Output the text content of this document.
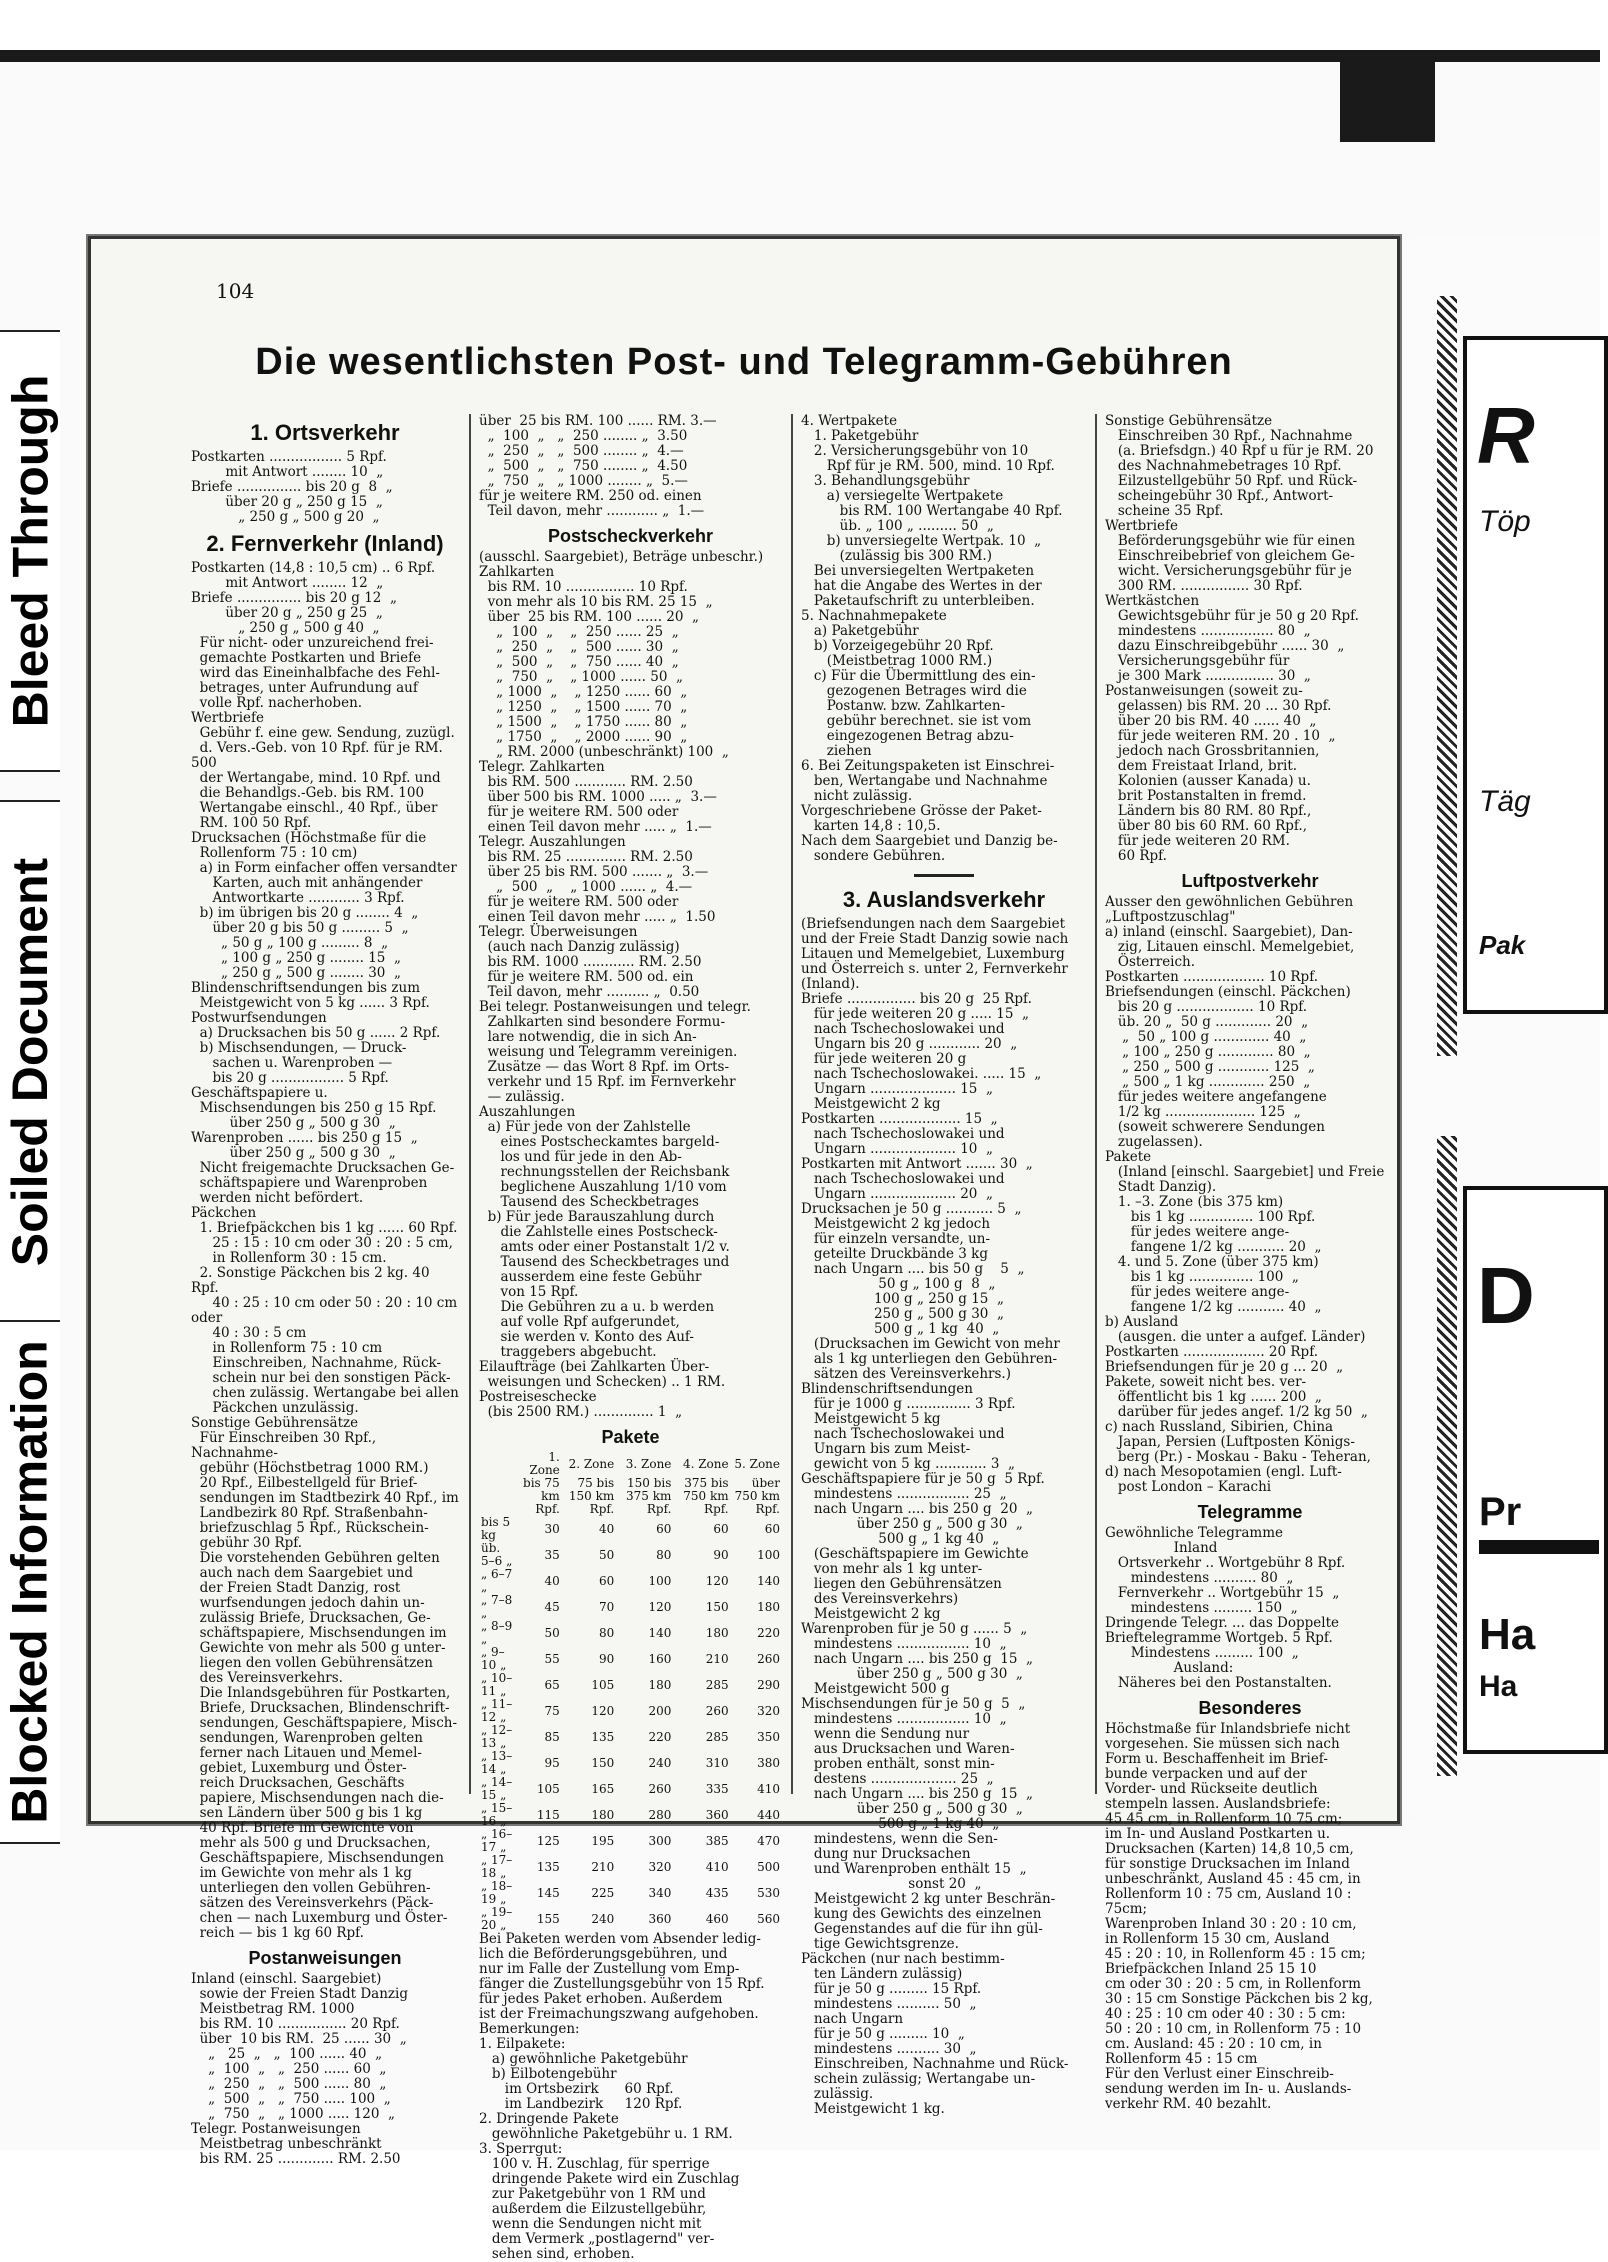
Bleed Through
Soiled Document
Blocked Information
104
Die wesentlichsten Post- und Telegramm-Gebühren
1. Ortsverkehr

Postkarten ................. 5 Rpf.
mit Antwort ........ 10  „
Briefe ............... bis 20 g  8  „
über 20 g „ 250 g 15  „
„ 250 g „ 500 g 20  „

2. Fernverkehr (Inland)

Postkarten (14,8 : 10,5 cm) .. 6 Rpf.
mit Antwort ........ 12  „
Briefe ............... bis 20 g 12  „
über 20 g „ 250 g 25  „
„ 250 g „ 500 g 40  „
Für nicht- oder unzureichend frei-
gemachte Postkarten und Briefe
wird das Eineinhalbfache des Fehl-
betrages, unter Aufrundung auf
volle Rpf. nacherhoben.
Wertbriefe
Gebühr f. eine gew. Sendung, zuzügl.
d. Vers.-Geb. von 10 Rpf. für je RM. 500
der Wertangabe, mind. 10 Rpf. und
die Behandlgs.-Geb. bis RM. 100
Wertangabe einschl., 40 Rpf., über
RM. 100 50 Rpf.
Drucksachen (Höchstmaße für die
Rollenform 75 : 10 cm)
a) in Form einfacher offen versandter
Karten, auch mit anhängender
Antwortkarte ............ 3 Rpf.
b) im übrigen bis 20 g ........ 4  „
über 20 g bis 50 g ......... 5  „
„ 50 g „ 100 g ......... 8  „
„ 100 g „ 250 g ........ 15  „
„ 250 g „ 500 g ........ 30  „
Blindenschriftsendungen bis zum
Meistgewicht von 5 kg ...... 3 Rpf.
Postwurfsendungen
a) Drucksachen bis 50 g ...... 2 Rpf.
b) Mischsendungen, — Druck-
sachen u. Warenproben —
bis 20 g ................. 5 Rpf.
Geschäftspapiere u.
Mischsendungen bis 250 g 15 Rpf.
über 250 g „ 500 g 30  „
Warenproben ...... bis 250 g 15  „
über 250 g „ 500 g 30  „
Nicht freigemachte Drucksachen Ge-
schäftspapiere und Warenproben
werden nicht befördert.
Päckchen
1. Briefpäckchen bis 1 kg ...... 60 Rpf.
25 : 15 : 10 cm oder 30 : 20 : 5 cm,
in Rollenform 30 : 15 cm.
2. Sonstige Päckchen bis 2 kg. 40 Rpf.
40 : 25 : 10 cm oder 50 : 20 : 10 cm oder
40 : 30 : 5 cm
in Rollenform 75 : 10 cm
Einschreiben, Nachnahme, Rück-
schein nur bei den sonstigen Päck-
chen zulässig. Wertangabe bei allen
Päckchen unzulässig.
Sonstige Gebührensätze
Für Einschreiben 30 Rpf., Nachnahme-
gebühr (Höchstbetrag 1000 RM.)
20 Rpf., Eilbestellgeld für Brief-
sendungen im Stadtbezirk 40 Rpf., im
Landbezirk 80 Rpf. Straßenbahn-
briefzuschlag 5 Rpf., Rückschein-
gebühr 30 Rpf.
Die vorstehenden Gebühren gelten
auch nach dem Saargebiet und
der Freien Stadt Danzig, rost
wurfsendungen jedoch dahin un-
zulässig Briefe, Drucksachen, Ge-
schäftspapiere, Mischsendungen im
Gewichte von mehr als 500 g unter-
liegen den vollen Gebührensätzen
des Vereinsverkehrs.
Die Inlandsgebühren für Postkarten,
Briefe, Drucksachen, Blindenschrift-
sendungen, Geschäftspapiere, Misch-
sendungen, Warenproben gelten
ferner nach Litauen und Memel-
gebiet, Luxemburg und Öster-
reich Drucksachen, Geschäfts
papiere, Mischsendungen nach die-
sen Ländern über 500 g bis 1 kg
40 Rpf. Briefe im Gewichte von
mehr als 500 g und Drucksachen,
Geschäftspapiere, Mischsendungen
im Gewichte von mehr als 1 kg
unterliegen den vollen Gebühren-
sätzen des Vereinsverkehrs (Päck-
chen — nach Luxemburg und Öster-
reich — bis 1 kg 60 Rpf.

Postanweisungen

Inland (einschl. Saargebiet)
sowie der Freien Stadt Danzig
Meistbetrag RM. 1000
bis RM. 10 ................ 20 Rpf.
über  10 bis RM.  25 ...... 30  „
„   25  „   „  100 ...... 40  „
„  100  „   „  250 ...... 60  „
„  250  „   „  500 ...... 80  „
„  500  „   „  750 ..... 100  „
„  750  „   „ 1000 ..... 120  „
Telegr. Postanweisungen
Meistbetrag unbeschränkt
bis RM. 25 ............. RM. 2.50

über  25 bis RM. 100 ...... RM. 3.—
„  100  „   „  250 ........ „  3.50
„  250  „   „  500 ........ „  4.—
„  500  „   „  750 ........ „  4.50
„  750  „   „ 1000 ........ „  5.—
für je weitere RM. 250 od. einen
Teil davon, mehr ............ „  1.—

Postscheckverkehr

(ausschl. Saargebiet), Beträge unbeschr.)
Zahlkarten
bis RM. 10 ................ 10 Rpf.
von mehr als 10 bis RM. 25 15  „
über  25 bis RM. 100 ...... 20  „
„  100  „    „  250 ...... 25  „
„  250  „    „  500 ...... 30  „
„  500  „    „  750 ...... 40  „
„  750  „    „ 1000 ...... 50  „
„ 1000  „    „ 1250 ...... 60  „
„ 1250  „    „ 1500 ...... 70  „
„ 1500  „    „ 1750 ...... 80  „
„ 1750  „    „ 2000 ...... 90  „
„ RM. 2000 (unbeschränkt) 100  „
Telegr. Zahlkarten
bis RM. 500 ............ RM. 2.50
über 500 bis RM. 1000 ..... „  3.—
für je weitere RM. 500 oder
einen Teil davon mehr ..... „  1.—
Telegr. Auszahlungen
bis RM. 25 .............. RM. 2.50
über 25 bis RM. 500 ....... „  3.—
„  500  „    „ 1000 ...... „  4.—
für je weitere RM. 500 oder
einen Teil davon mehr ..... „  1.50
Telegr. Überweisungen
(auch nach Danzig zulässig)
bis RM. 1000 ............ RM. 2.50
für je weitere RM. 500 od. ein
Teil davon, mehr .......... „  0.50
Bei telegr. Postanweisungen und telegr.
Zahlkarten sind besondere Formu-
lare notwendig, die in sich An-
weisung und Telegramm vereinigen.
Zusätze — das Wort 8 Rpf. im Orts-
verkehr und 15 Rpf. im Fernverkehr
— zulässig.
Auszahlungen
a) Für jede von der Zahlstelle
eines Postscheckamtes bargeld-
los und für jede in den Ab-
rechnungsstellen der Reichsbank
beglichene Auszahlung 1/10 vom
Tausend des Scheckbetrages
b) Für jede Barauszahlung durch
die Zahlstelle eines Postscheck-
amts oder einer Postanstalt 1/2 v.
Tausend des Scheckbetrages und
ausserdem eine feste Gebühr
von 15 Rpf.
Die Gebühren zu a u. b werden
auf volle Rpf aufgerundet,
sie werden v. Konto des Auf-
traggebers abgebucht.
Eilaufträge (bei Zahlkarten Über-
weisungen und Schecken) .. 1 RM.
Postreiseschecke
(bis 2500 RM.) .............. 1  „

Pakete
	1. Zone	2. Zone	3. Zone	4. Zone	5. Zone
	bis 75 km	75 bis 150 km	150 bis 375 km	375 bis 750 km	über 750 km
	Rpf.	Rpf.	Rpf.	Rpf.	Rpf.
bis 5 kg	30	40	60	60	60
üb. 5–6 „	35	50	80	90	100
„ 6–7 „	40	60	100	120	140
„ 7–8 „	45	70	120	150	180
„ 8–9 „	50	80	140	180	220
„ 9–10 „	55	90	160	210	260
„ 10–11 „	65	105	180	285	290
„ 11–12 „	75	120	200	260	320
„ 12–13 „	85	135	220	285	350
„ 13–14 „	95	150	240	310	380
„ 14–15 „	105	165	260	335	410
„ 15–16 „	115	180	280	360	440
„ 16–17 „	125	195	300	385	470
„ 17–18 „	135	210	320	410	500
„ 18–19 „	145	225	340	435	530
„ 19–20 „	155	240	360	460	560

Bei Paketen werden vom Absender ledig-
lich die Beförderungsgebühren, und
nur im Falle der Zustellung vom Emp-
fänger die Zustellungsgebühr von 15 Rpf.
für jedes Paket erhoben. Außerdem
ist der Freimachungszwang aufgehoben.
Bemerkungen:
1. Eilpakete:
a) gewöhnliche Paketgebühr
b) Eilbotengebühr
im Ortsbezirk      60 Rpf.
im Landbezirk     120 Rpf.
2. Dringende Pakete
gewöhnliche Paketgebühr u. 1 RM.
3. Sperrgut:
100 v. H. Zuschlag, für sperrige
dringende Pakete wird ein Zuschlag
zur Paketgebühr von 1 RM und
außerdem die Eilzustellgebühr,
wenn die Sendungen nicht mit
dem Vermerk „postlagernd" ver-
sehen sind, erhoben.

4. Wertpakete
1. Paketgebühr
2. Versicherungsgebühr von 10
Rpf für je RM. 500, mind. 10 Rpf.
3. Behandlungsgebühr
a) versiegelte Wertpakete
bis RM. 100 Wertangabe 40 Rpf.
üb. „ 100 „ ......... 50  „
b) unversiegelte Wertpak. 10  „
(zulässig bis 300 RM.)
Bei unversiegelten Wertpaketen
hat die Angabe des Wertes in der
Paketaufschrift zu unterbleiben.
5. Nachnahmepakete
a) Paketgebühr
b) Vorzeigegebühr 20 Rpf.
(Meistbetrag 1000 RM.)
c) Für die Übermittlung des ein-
gezogenen Betrages wird die
Postanw. bzw. Zahlkarten-
gebühr berechnet. sie ist vom
eingezogenen Betrag abzu-
ziehen
6. Bei Zeitungspaketen ist Einschrei-
ben, Wertangabe und Nachnahme
nicht zulässig.
Vorgeschriebene Grösse der Paket-
karten 14,8 : 10,5.
Nach dem Saargebiet und Danzig be-
sondere Gebühren.

3. Auslandsverkehr

(Briefsendungen nach dem Saargebiet
und der Freie Stadt Danzig sowie nach
Litauen und Memelgebiet, Luxemburg
und Österreich s. unter 2, Fernverkehr
(Inland).
Briefe ................ bis 20 g  25 Rpf.
für jede weiteren 20 g ..... 15  „
nach Tschechoslowakei und
Ungarn bis 20 g ............ 20  „
für jede weiteren 20 g
nach Tschechoslowakei. ..... 15  „
Ungarn .................... 15  „
Meistgewicht 2 kg
Postkarten ................... 15  „
nach Tschechoslowakei und
Ungarn .................... 10  „
Postkarten mit Antwort ....... 30  „
nach Tschechoslowakei und
Ungarn .................... 20  „
Drucksachen je 50 g ........... 5  „
Meistgewicht 2 kg jedoch
für einzeln versandte, un-
geteilte Druckbände 3 kg
nach Ungarn .... bis 50 g    5  „
50 g „ 100 g  8  „
100 g „ 250 g 15  „
250 g „ 500 g 30  „
500 g „ 1 kg  40  „
(Drucksachen im Gewicht von mehr
als 1 kg unterliegen den Gebühren-
sätzen des Vereinsverkehrs.)
Blindenschriftsendungen
für je 1000 g ............... 3 Rpf.
Meistgewicht 5 kg
nach Tschechoslowakei und
Ungarn bis zum Meist-
gewicht von 5 kg ............ 3  „
Geschäftspapiere für je 50 g  5 Rpf.
mindestens ................. 25  „
nach Ungarn .... bis 250 g  20  „
über 250 g „ 500 g 30  „
500 g „ 1 kg 40  „
(Geschäftspapiere im Gewichte
von mehr als 1 kg unter-
liegen den Gebührensätzen
des Vereinsverkehrs)
Meistgewicht 2 kg
Warenproben für je 50 g ...... 5  „
mindestens ................. 10  „
nach Ungarn .... bis 250 g  15  „
über 250 g „ 500 g 30  „
Meistgewicht 500 g
Mischsendungen für je 50 g  5  „
mindestens ................. 10  „
wenn die Sendung nur
aus Drucksachen und Waren-
proben enthält, sonst min-
destens .................... 25  „
nach Ungarn .... bis 250 g  15  „
über 250 g „ 500 g 30  „
500 g „ 1 kg 40  „
mindestens, wenn die Sen-
dung nur Drucksachen
und Warenproben enthält 15  „
sonst 20  „
Meistgewicht 2 kg unter Beschrän-
kung des Gewichts des einzelnen
Gegenstandes auf die für ihn gül-
tige Gewichtsgrenze.
Päckchen (nur nach bestimm-
ten Ländern zulässig)
für je 50 g ......... 15 Rpf.
mindestens .......... 50  „
nach Ungarn
für je 50 g ......... 10  „
mindestens .......... 30  „
Einschreiben, Nachnahme und Rück-
schein zulässig; Wertangabe un-
zulässig.
Meistgewicht 1 kg.

Sonstige Gebührensätze
Einschreiben 30 Rpf., Nachnahme
(a. Briefsdgn.) 40 Rpf u für je RM. 20
des Nachnahmebetrages 10 Rpf.
Eilzustellgebühr 50 Rpf. und Rück-
scheingebühr 30 Rpf., Antwort-
scheine 35 Rpf.
Wertbriefe
Beförderungsgebühr wie für einen
Einschreibebrief von gleichem Ge-
wicht. Versicherungsgebühr für je
300 RM. ................ 30 Rpf.
Wertkästchen
Gewichtsgebühr für je 50 g 20 Rpf.
mindestens ................. 80  „
dazu Einschreibgebühr ...... 30  „
Versicherungsgebühr für
je 300 Mark ................ 30  „
Postanweisungen (soweit zu-
gelassen) bis RM. 20 ... 30 Rpf.
über 20 bis RM. 40 ...... 40  „
für jede weiteren RM. 20 . 10  „
jedoch nach Grossbritannien,
dem Freistaat Irland, brit.
Kolonien (ausser Kanada) u.
brit Postanstalten in fremd.
Ländern bis 80 RM. 80 Rpf.,
über 80 bis 60 RM. 60 Rpf.,
für jede weiteren 20 RM.
60 Rpf.

Luftpostverkehr

Ausser den gewöhnlichen Gebühren
„Luftpostzuschlag"
a) inland (einschl. Saargebiet), Dan-
zig, Litauen einschl. Memelgebiet,
Österreich.
Postkarten ................... 10 Rpf.
Briefsendungen (einschl. Päckchen)
bis 20 g .................. 10 Rpf.
üb. 20 „  50 g ............. 20  „
„  50 „ 100 g ............. 40  „
„ 100 „ 250 g ............. 80  „
„ 250 „ 500 g ............ 125  „
„ 500 „ 1 kg ............. 250  „
für jedes weitere angefangene
1/2 kg ..................... 125  „
(soweit schwerere Sendungen
zugelassen).
Pakete
(Inland [einschl. Saargebiet] und Freie
Stadt Danzig).
1. –3. Zone (bis 375 km)
bis 1 kg ............... 100 Rpf.
für jedes weitere ange-
fangene 1/2 kg ........... 20  „
4. und 5. Zone (über 375 km)
bis 1 kg ............... 100  „
für jedes weitere ange-
fangene 1/2 kg ........... 40  „
b) Ausland
(ausgen. die unter a aufgef. Länder)
Postkarten ................... 20 Rpf.
Briefsendungen für je 20 g ... 20  „
Pakete, soweit nicht bes. ver-
öffentlicht bis 1 kg ...... 200  „
darüber für jedes angef. 1/2 kg 50  „
c) nach Russland, Sibirien, China
Japan, Persien (Luftposten Königs-
berg (Pr.) - Moskau - Baku - Teheran,
d) nach Mesopotamien (engl. Luft-
post London – Karachi

Telegramme

Gewöhnliche Telegramme
Inland
Ortsverkehr .. Wortgebühr 8 Rpf.
mindestens .......... 80  „
Fernverkehr .. Wortgebühr 15  „
mindestens ......... 150  „
Dringende Telegr. ... das Doppelte
Brieftelegramme Wortgeb. 5 Rpf.
Mindestens ......... 100  „
Ausland:
Näheres bei den Postanstalten.

Besonderes

Höchstmaße für Inlandsbriefe nicht
vorgesehen. Sie müssen sich nach
Form u. Beschaffenheit im Brief-
bunde verpacken und auf der
Vorder- und Rückseite deutlich
stempeln lassen. Auslandsbriefe:
45 45 cm, in Rollenform 10 75 cm;
im In- und Ausland Postkarten u.
Drucksachen (Karten) 14,8 10,5 cm,
für sonstige Drucksachen im Inland
unbeschränkt, Ausland 45 : 45 cm, in
Rollenform 10 : 75 cm, Ausland 10 : 75cm;
Warenproben Inland 30 : 20 : 10 cm,
in Rollenform 15 30 cm, Ausland
45 : 20 : 10, in Rollenform 45 : 15 cm;
Briefpäckchen Inland 25 15 10
cm oder 30 : 20 : 5 cm, in Rollenform
30 : 15 cm Sonstige Päckchen bis 2 kg,
40 : 25 : 10 cm oder 40 : 30 : 5 cm:
50 : 20 : 10 cm, in Rollenform 75 : 10
cm. Ausland: 45 : 20 : 10 cm, in
Rollenform 45 : 15 cm
Für den Verlust einer Einschreib-
sendung werden im In- u. Auslands-
verkehr RM. 40 bezahlt.

R
Töp
Täg
Pak
D
Pr
Ha
Ha
